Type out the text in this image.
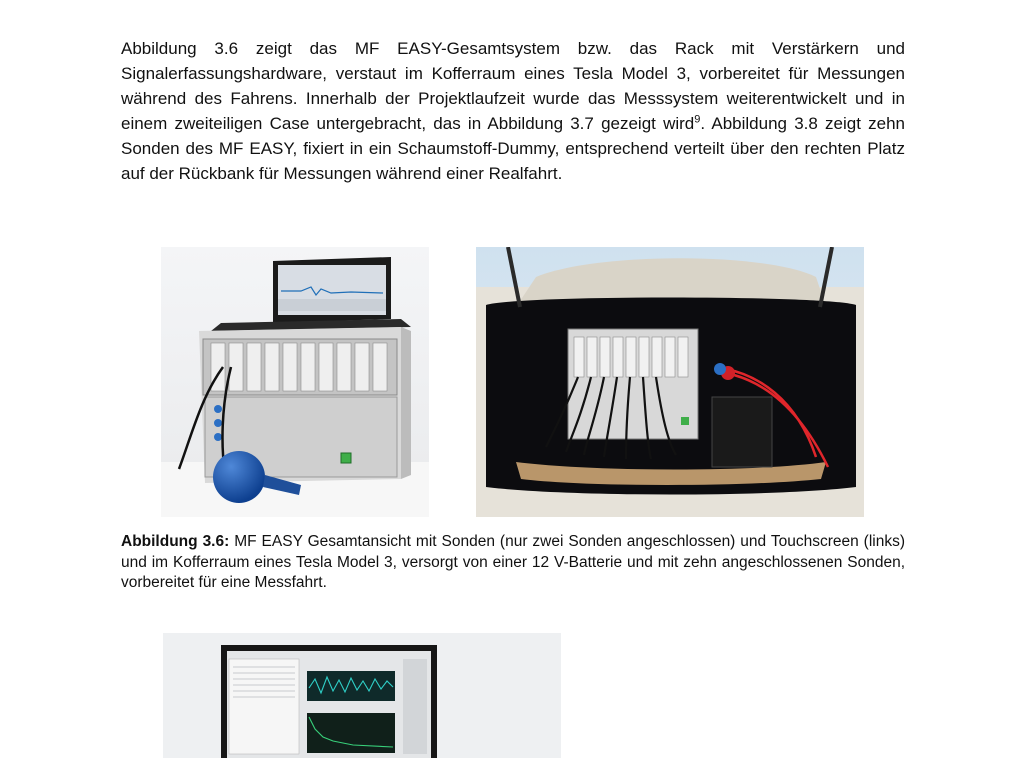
Abbildung 3.6 zeigt das MF EASY-Gesamtsystem bzw. das Rack mit Verstärkern und Signalerfassungshardware, verstaut im Kofferraum eines Tesla Model 3, vorbereitet für Messungen während des Fahrens. Innerhalb der Projektlaufzeit wurde das Messsystem weiterentwickelt und in einem zweiteiligen Case untergebracht, das in Abbildung 3.7 gezeigt wird$^9$. Abbildung 3.8 zeigt zehn Sonden des MF EASY, fixiert in ein Schaumstoff-Dummy, entsprechend verteilt über den rechten Platz auf der Rückbank für Messungen während einer Realfahrt.

Abbildung 3.6: MF EASY Gesamtansicht mit Sonden (nur zwei Sonden angeschlossen) und Touchscreen (links) und im Kofferraum eines Tesla Model 3, versorgt von einer 12 V-Batterie und mit zehn angeschlossenen Sonden, vorbereitet für eine Messfahrt.
